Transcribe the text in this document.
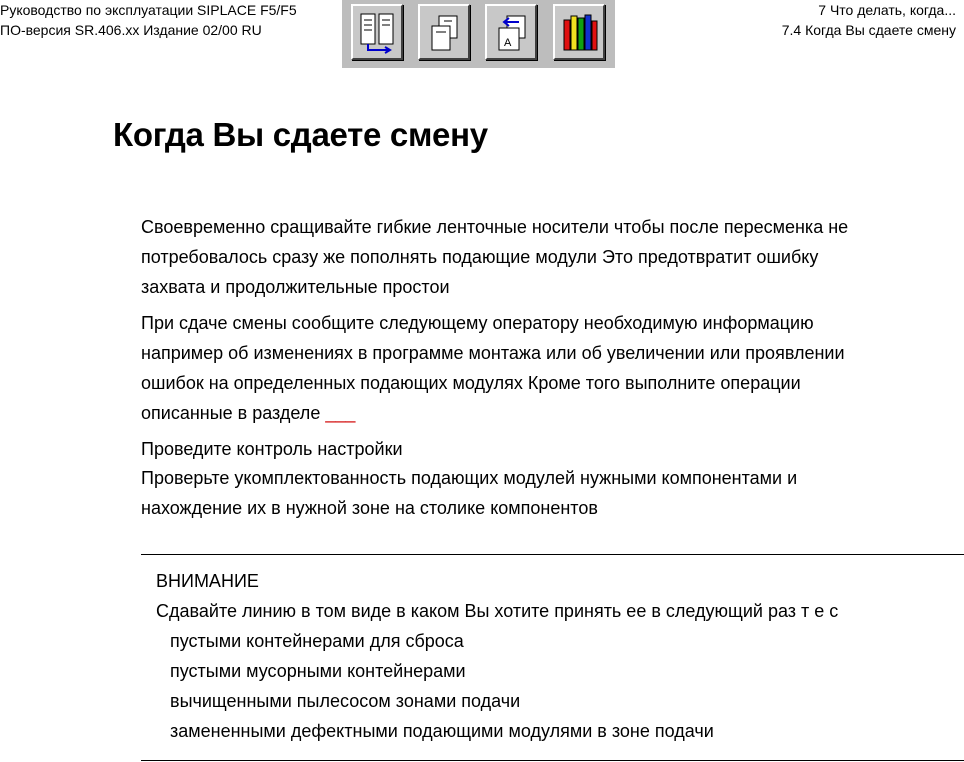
Руководство по эксплуатации SIPLACE F5/F5
ПО-версия SR.406.xx Издание 02/00 RU
7 Что делать, когда...
7.4 Когда Вы сдаете смену
A
Когда Вы сдаете смену
Своевременно сращивайте гибкие ленточные носители чтобы после пересменка не
потребовалось сразу же пополнять подающие модули Это предотвратит ошибку
захвата и продолжительные простои
При сдаче смены сообщите следующему оператору необходимую информацию
например об изменениях в программе монтажа или об увеличении или проявлении
ошибок на определенных подающих модулях Кроме того выполните операции
описанные в разделе ___
Проведите контроль настройки
Проверьте укомплектованность подающих модулей нужными компонентами и
нахождение их в нужной зоне на столике компонентов
ВНИМАНИЕ
Сдавайте линию в том виде в каком Вы хотите принять ее в следующий раз т е с
пустыми контейнерами для сброса
пустыми мусорными контейнерами
вычищенными пылесосом зонами подачи
замененными дефектными подающими модулями в зоне подачи
